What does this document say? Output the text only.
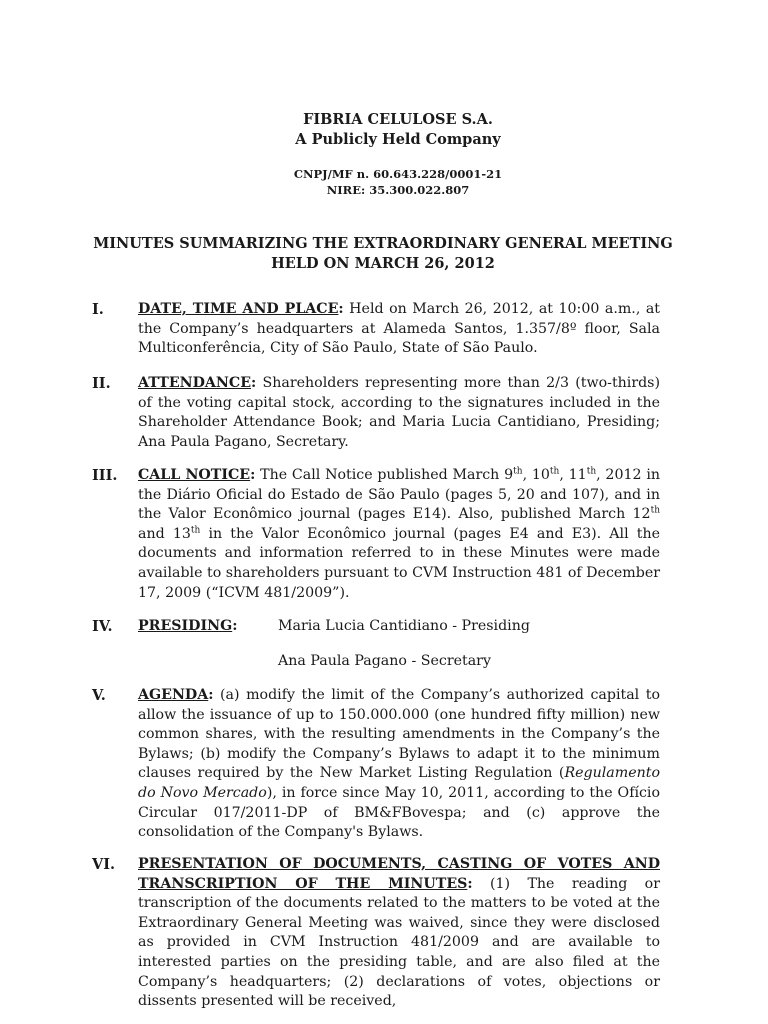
FIBRIA CELULOSE S.A.
A Publicly Held Company
CNPJ/MF n. 60.643.228/0001-21
NIRE: 35.300.022.807
MINUTES SUMMARIZING THE EXTRAORDINARY GENERAL MEETING
HELD ON MARCH 26, 2012
I. DATE, TIME AND PLACE: Held on March 26, 2012, at 10:00 a.m., at the Company’s headquarters at Alameda Santos, 1.357/8º floor, Sala Multiconferência, City of São Paulo, State of São Paulo.
II. ATTENDANCE: Shareholders representing more than 2/3 (two-thirds) of the voting capital stock, according to the signatures included in the Shareholder Attendance Book; and Maria Lucia Cantidiano, Presiding; Ana Paula Pagano, Secretary.
III. CALL NOTICE: The Call Notice published March 9th, 10th, 11th, 2012 in the Diário Oficial do Estado de São Paulo (pages 5, 20 and 107), and in the Valor Econômico journal (pages E14). Also, published March 12th and 13th in the Valor Econômico journal (pages E4 and E3). All the documents and information referred to in these Minutes were made available to shareholders pursuant to CVM Instruction 481 of December 17, 2009 (“ICVM 481/2009”).
IV. PRESIDING:	Maria Lucia Cantidiano - Presiding
Ana Paula Pagano - Secretary
V. AGENDA: (a) modify the limit of the Company’s authorized capital to allow the issuance of up to 150.000.000 (one hundred fifty million) new common shares, with the resulting amendments in the Company’s the Bylaws; (b) modify the Company’s Bylaws to adapt it to the minimum clauses required by the New Market Listing Regulation (Regulamento do Novo Mercado), in force since May 10, 2011, according to the Ofício Circular 017/2011-DP of BM&FBovespa; and (c) approve the consolidation of the Company's Bylaws.
VI. PRESENTATION OF DOCUMENTS, CASTING OF VOTES AND TRANSCRIPTION OF THE MINUTES: (1) The reading or transcription of the documents related to the matters to be voted at the Extraordinary General Meeting was waived, since they were disclosed as provided in CVM Instruction 481/2009 and are available to interested parties on the presiding table, and are also filed at the Company’s headquarters; (2) declarations of votes, objections or dissents presented will be received,
